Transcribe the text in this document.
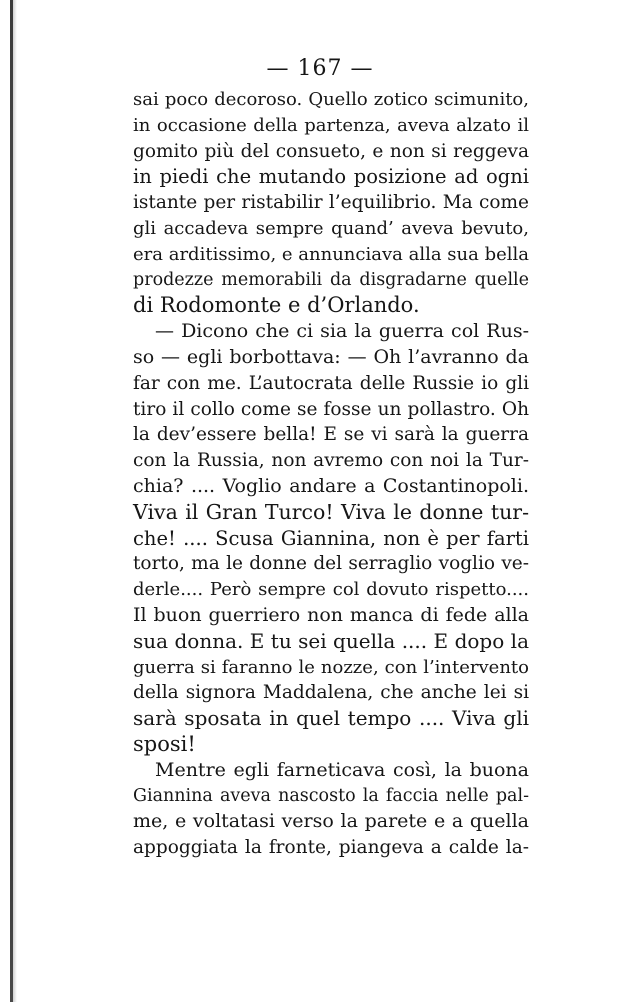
— 167 —
sai poco decoroso. Quello zotico scimunito,
in occasione della partenza, aveva alzato il
gomito più del consueto, e non si reggeva
in piedi che mutando posizione ad ogni
istante per ristabilir l’equilibrio. Ma come
gli accadeva sempre quand’ aveva bevuto,
era arditissimo, e annunciava alla sua bella
prodezze memorabili da disgradarne quelle
di Rodomonte e d’Orlando.
— Dicono che ci sia la guerra col Rus-
so — egli borbottava: — Oh l’avranno da
far con me. L’autocrata delle Russie io gli
tiro il collo come se fosse un pollastro. Oh
la dev’essere bella! E se vi sarà la guerra
con la Russia, non avremo con noi la Tur-
chia? .... Voglio andare a Costantinopoli.
Viva il Gran Turco! Viva le donne tur-
che! .... Scusa Giannina, non è per farti
torto, ma le donne del serraglio voglio ve-
derle.... Però sempre col dovuto rispetto....
Il buon guerriero non manca di fede alla
sua donna. E tu sei quella .... E dopo la
guerra si faranno le nozze, con l’intervento
della signora Maddalena, che anche lei si
sarà sposata in quel tempo .... Viva gli
sposi!
Mentre egli farneticava così, la buona
Giannina aveva nascosto la faccia nelle pal-
me, e voltatasi verso la parete e a quella
appoggiata la fronte, piangeva a calde la-
